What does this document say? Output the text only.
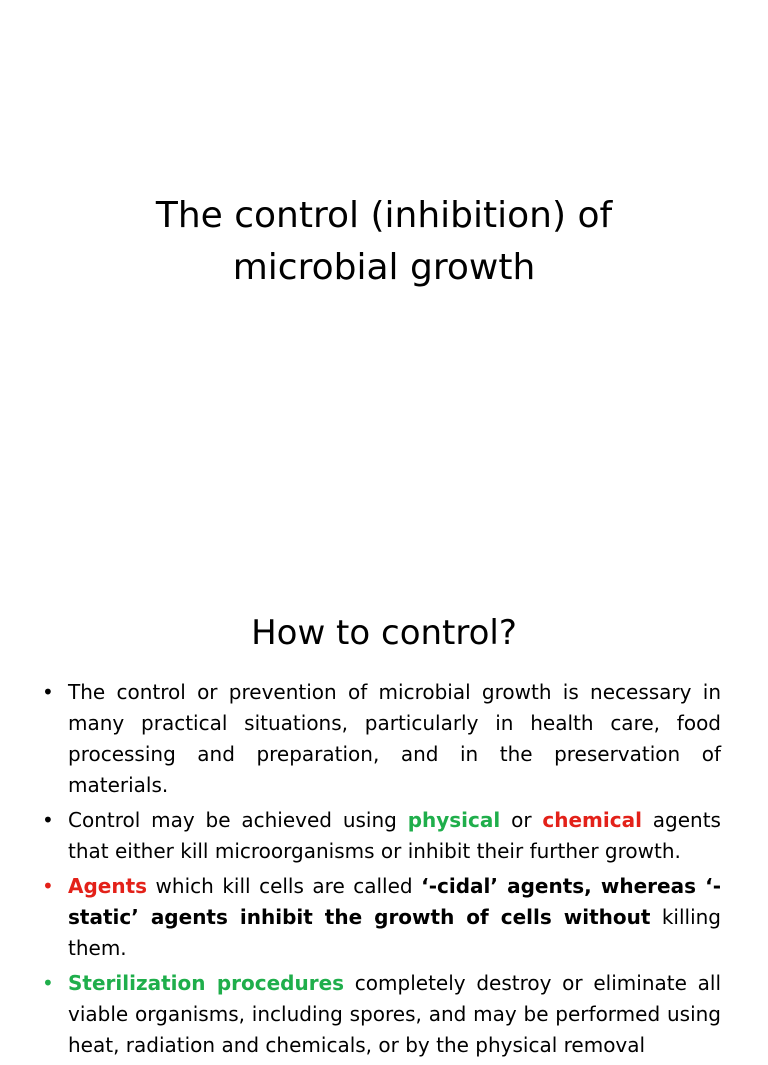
The control (inhibition) of
microbial growth
How to control?
• The control or prevention of microbial growth is necessary in many practical situations, particularly in health care, food processing and preparation, and in the preservation of materials.
• Control may be achieved using physical or chemical agents that either kill microorganisms or inhibit their further growth.
• Agents which kill cells are called ‘-cidal’ agents, whereas ‘-static’ agents inhibit the growth of cells without killing them.
• Sterilization procedures completely destroy or eliminate all viable organisms, including spores, and may be performed using heat, radiation and chemicals, or by the physical removal
